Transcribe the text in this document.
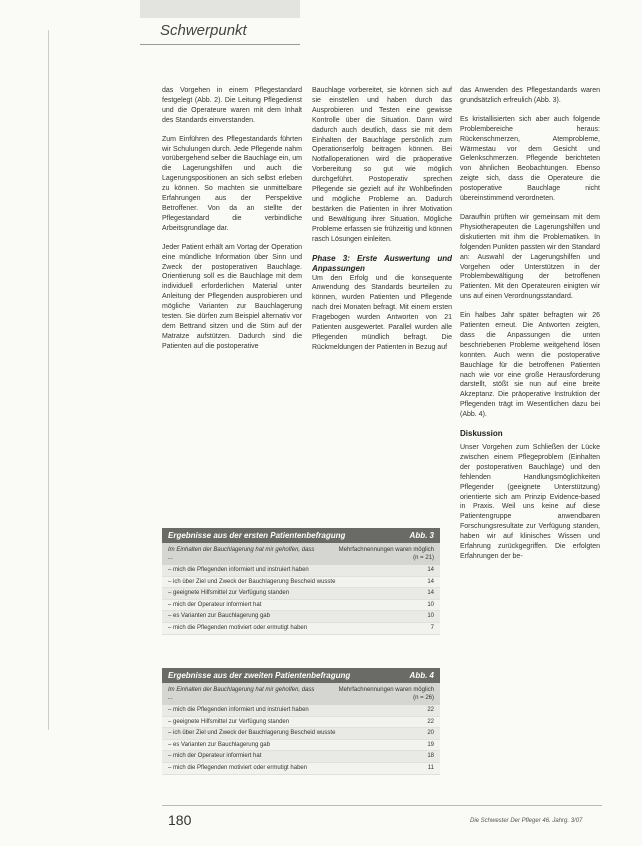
Schwerpunkt

das Vorgehen in einem Pflegestandard festgelegt (Abb. 2). Die Leitung Pflegedienst und die Operateure waren mit dem Inhalt des Standards einverstanden.

Zum Einführen des Pflegestandards führten wir Schulungen durch. Jede Pflegende nahm vorübergehend selber die Bauchlage ein, um die Lagerungshilfen und auch die Lagerungspositionen an sich selbst erleben zu können. So machten sie unmittelbare Erfahrungen aus der Perspektive Betroffener. Von da an stellte der Pflegestandard die verbindliche Arbeitsgrundlage dar.

Jeder Patient erhält am Vortag der Operation eine mündliche Information über Sinn und Zweck der postoperativen Bauchlage. Orientierung soll es die Bauchlage mit dem individuell erforderlichen Material unter Anleitung der Pflegenden ausprobieren und mögliche Varianten zur Bauchlagerung testen. Sie dürfen zum Beispiel alternativ vor dem Bettrand sitzen und die Stirn auf der Matratze aufstützen. Dadurch sind die Patienten auf die postoperative

Bauchlage vorbereitet, sie können sich auf sie einstellen und haben durch das Ausprobieren und Testen eine gewisse Kontrolle über die Situation. Dann wird dadurch auch deutlich, dass sie mit dem Einhalten der Bauchlage persönlich zum Operationserfolg beitragen können. Bei Notfalloperationen wird die präoperative Vorbereitung so gut wie möglich durchgeführt. Postoperativ sprechen Pflegende sie gezielt auf ihr Wohlbefinden und mögliche Probleme an. Dadurch bestärken die Patienten in ihrer Motivation und Bewältigung ihrer Situation. Mögliche Probleme erfassen sie frühzeitig und können rasch Lösungen einleiten.

Phase 3: Erste Auswertung und Anpassungen

Um den Erfolg und die konsequente Anwendung des Standards beurteilen zu können, wurden Patienten und Pflegende nach drei Monaten befragt. Mit einem ersten Fragebogen wurden Antworten von 21 Patienten ausgewertet. Parallel wurden alle Pflegenden mündlich befragt. Die Rückmeldungen der Patienten in Bezug auf

das Anwenden des Pflegestandards waren grundsätzlich erfreulich (Abb. 3).

Es kristallisierten sich aber auch folgende Problembereiche heraus: Rückenschmerzen, Atemprobleme, Wärmestau vor dem Gesicht und Gelenkschmerzen. Pflegende berichteten von ähnlichen Beobachtungen. Ebenso zeigte sich, dass die Operateure die postoperative Bauchlage nicht übereinstimmend verordneten.

Daraufhin prüften wir gemeinsam mit dem Physiotherapeuten die Lagerungshilfen und diskutierten mit ihm die Problematiken. In folgenden Punkten passten wir den Standard an: Auswahl der Lagerungshilfen und Vorgehen oder Unterstützen in der Problembewältigung der betroffenen Patienten. Mit den Operateuren einigten wir uns auf einen Verordnungsstandard.

Ein halbes Jahr später befragten wir 26 Patienten erneut. Die Antworten zeigten, dass die Anpassungen die unten beschriebenen Probleme weitgehend lösen konnten. Auch wenn die postoperative Bauchlage für die betroffenen Patienten nach wie vor eine große Herausforderung darstellt, stößt sie nun auf eine breite Akzeptanz. Die präoperative Instruktion der Pflegenden trägt im Wesentlichen dazu bei (Abb. 4).

Diskussion

Unser Vorgehen zum Schließen der Lücke zwischen einem Pflegeproblem (Einhalten der postoperativen Bauchlage) und den fehlenden Handlungsmöglichkeiten Pflegender (geeignete Unterstützung) orientierte sich am Prinzip Evidence-based in Praxis. Weil uns keine auf diese Patientengruppe anwendbaren Forschungsresultate zur Verfügung standen, haben wir auf klinisches Wissen und Erfahrung zurückgegriffen. Die erfolgten Erfahrungen der be-

Ergebnisse aus der ersten Patientenbefragung	Abb. 3
Im Einhalten der Bauchlagerung hat mir geholfen, dass ...
Mehrfachnennungen waren möglich (n = 21)
– mich die Pflegenden informiert und instruiert haben	14
– ich über Ziel und Zweck der Bauchlagerung Bescheid wusste	14
– geeignete Hilfsmittel zur Verfügung standen	14
– mich der Operateur informiert hat	10
– es Varianten zur Bauchlagerung gab	10
– mich die Pflegenden motiviert oder ermutigt haben	7
Ergebnisse aus der zweiten Patientenbefragung	Abb. 4
Im Einhalten der Bauchlagerung hat mir geholfen, dass ...
Mehrfachnennungen waren möglich (n = 26)
– mich die Pflegenden informiert und instruiert haben	22
– geeignete Hilfsmittel zur Verfügung standen	22
– ich über Ziel und Zweck der Bauchlagerung Bescheid wusste	20
– es Varianten zur Bauchlagerung gab	19
– mich der Operateur informiert hat	18
– mich die Pflegenden motiviert oder ermutigt haben	11
180	Die Schwester Der Pfleger 46. Jahrg. 3/07
